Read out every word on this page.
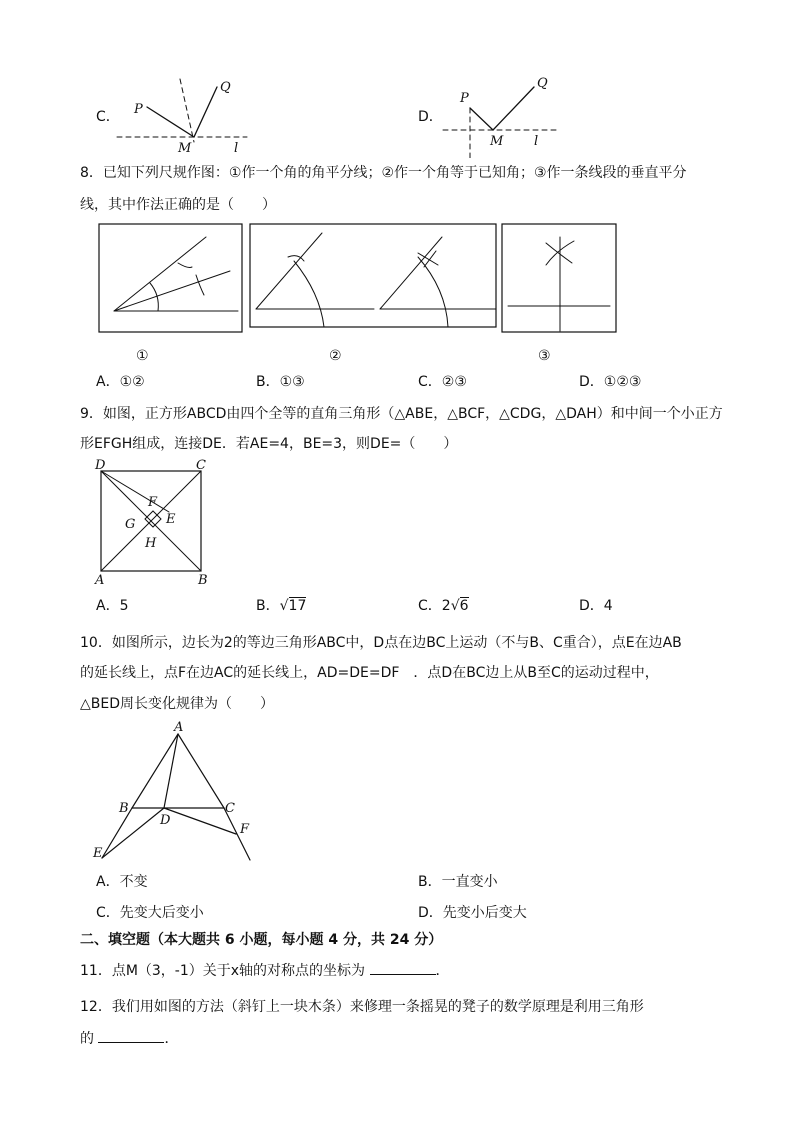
C． P
Q
M	l
D．
P
Q
M l
8．已知下列尺规作图：①作一个角的角平分线；②作一个角等于已知角；③作一条线段的垂直平分
线，其中作法正确的是（　　）
①	②	③
A．①②	B．①③	C．②③	D．①②③
9．如图，正方形ABCD由四个全等的直角三角形（△ABE，△BCF，△CDG，△DAH）和中间一个小正方
形EFGH组成，连接DE．若AE=4，BE=3，则DE=（　　）
D	C
A	B
F
E
G
H
A．5	B．√17	C．2√6	D．4
10．如图所示，边长为2的等边三角形ABC中，D点在边BC上运动（不与B、C重合），点E在边AB
的延长线上，点F在边AC的延长线上，AD=DE=DF　．点D在BC边上从B至C的运动过程中，
△BED周长变化规律为（　　）
A
B	C
D
E
F
A．不变	B．一直变小
C．先变大后变小	D．先变小后变大
二、填空题（本大题共 6 小题，每小题 4 分，共 24 分）
11．点M（3，-1）关于x轴的对称点的坐标为	．
12．我们用如图的方法（斜钉上一块木条）来修理一条摇晃的凳子的数学原理是利用三角形
的	．
